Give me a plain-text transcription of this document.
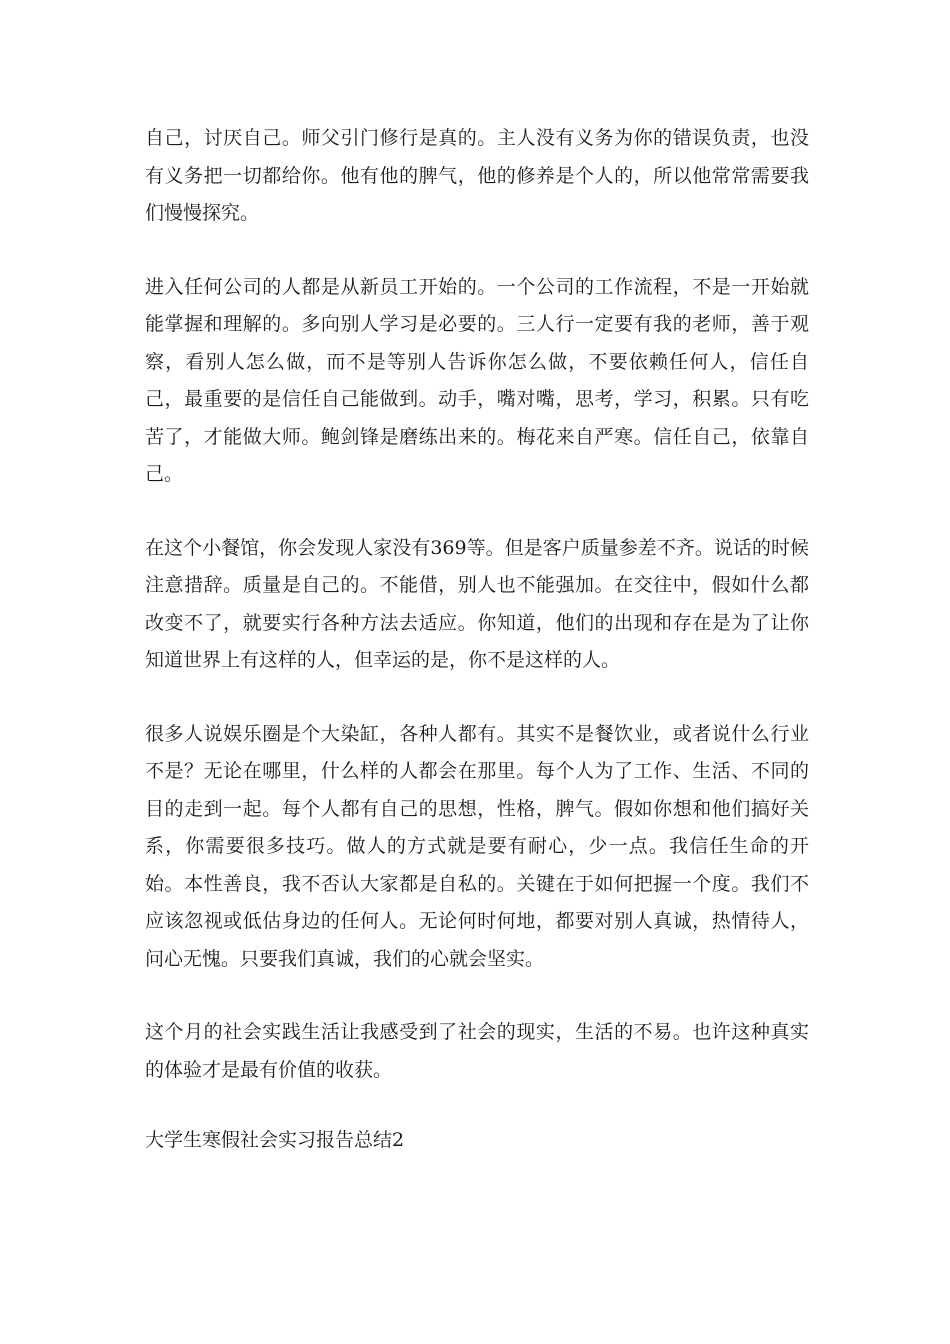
自己，讨厌自己。师父引门修行是真的。主人没有义务为你的错误负责，也没有义务把一切都给你。他有他的脾气，他的修养是个人的，所以他常常需要我们慢慢探究。

进入任何公司的人都是从新员工开始的。一个公司的工作流程，不是一开始就能掌握和理解的。多向别人学习是必要的。三人行一定要有我的老师，善于观察，看别人怎么做，而不是等别人告诉你怎么做，不要依赖任何人，信任自己，最重要的是信任自己能做到。动手，嘴对嘴，思考，学习，积累。只有吃苦了，才能做大师。鲍剑锋是磨练出来的。梅花来自严寒。信任自己，依靠自己。

在这个小餐馆，你会发现人家没有369等。但是客户质量参差不齐。说话的时候注意措辞。质量是自己的。不能借，别人也不能强加。在交往中，假如什么都改变不了，就要实行各种方法去适应。你知道，他们的出现和存在是为了让你知道世界上有这样的人，但幸运的是，你不是这样的人。

很多人说娱乐圈是个大染缸，各种人都有。其实不是餐饮业，或者说什么行业不是？无论在哪里，什么样的人都会在那里。每个人为了工作、生活、不同的目的走到一起。每个人都有自己的思想，性格，脾气。假如你想和他们搞好关系，你需要很多技巧。做人的方式就是要有耐心，少一点。我信任生命的开始。本性善良，我不否认大家都是自私的。关键在于如何把握一个度。我们不应该忽视或低估身边的任何人。无论何时何地，都要对别人真诚，热情待人，问心无愧。只要我们真诚，我们的心就会坚实。

这个月的社会实践生活让我感受到了社会的现实，生活的不易。也许这种真实的体验才是最有价值的收获。

大学生寒假社会实习报告总结2
